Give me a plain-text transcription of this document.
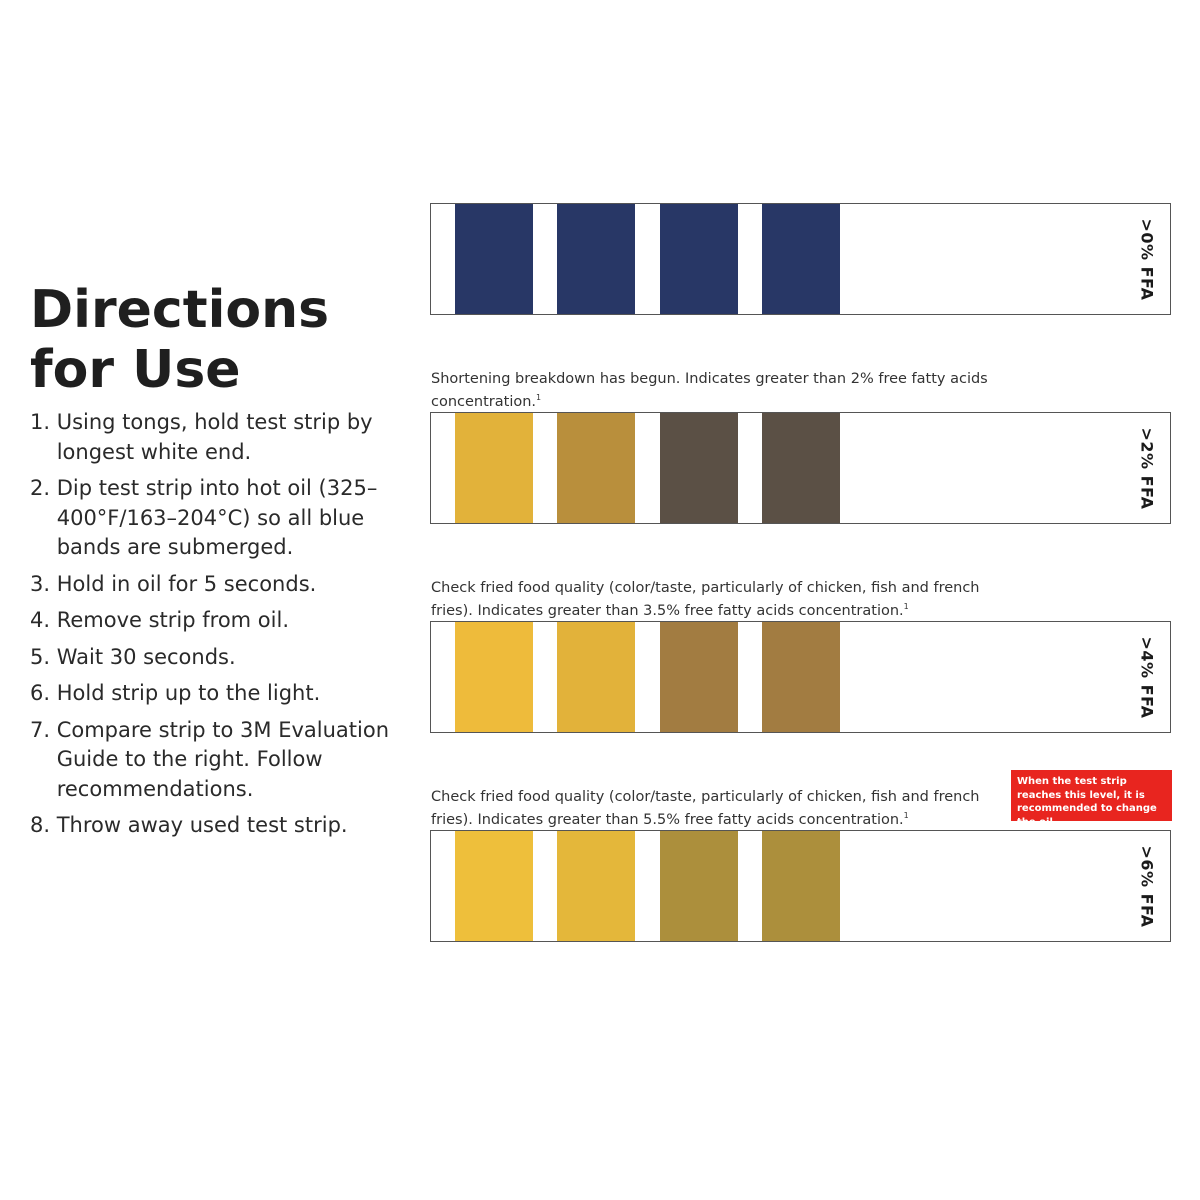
Directions
for Use
1. Using tongs, hold test strip by longest white end.
2. Dip test strip into hot oil (325–400°F/163–204°C) so all blue bands are submerged.
3. Hold in oil for 5 seconds.
4. Remove strip from oil.
5. Wait 30 seconds.
6. Hold strip up to the light.
7. Compare strip to 3M Evaluation Guide to the right. Follow recommendations.
8. Throw away used test strip.
>0% FFA

Shortening breakdown has begun. Indicates greater than 2% free fatty acids concentration.$^1$

>2% FFA

Check fried food quality (color/taste, particularly of chicken, fish and french fries). Indicates greater than 3.5% free fatty acids concentration.$^1$

>4% FFA

Check fried food quality (color/taste, particularly of chicken, fish and french fries). Indicates greater than 5.5% free fatty acids concentration.$^1$

When the test strip reaches this level, it is recommended to change the oil.
>6% FFA
